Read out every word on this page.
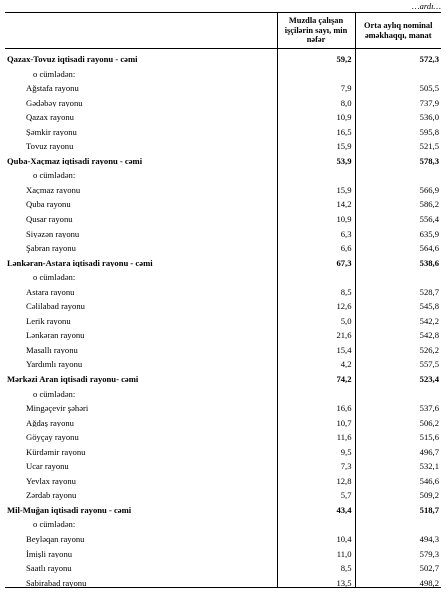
…ardı…
	Muzdla çalışan işçilərin sayı, min nəfər	Orta aylıq nominal əməkhaqqı, manat
Qazax-Tovuz iqtisadi rayonu - cəmi	59,2	572,3
o cümlədən:		
Ağstafa rayonu	7,9	505,5
Gədəbəy rayonu	8,0	737,9
Qazax rayonu	10,9	536,0
Şəmkir rayonu	16,5	595,8
Tovuz rayonu	15,9	521,5
Quba-Xaçmaz iqtisadi rayonu - cəmi	53,9	578,3
o cümlədən:		
Xaçmaz rayonu	15,9	566,9
Quba rayonu	14,2	586,2
Qusar rayonu	10,9	556,4
Siyəzən rayonu	6,3	635,9
Şabran rayonu	6,6	564,6
Lənkəran-Astara iqtisadi rayonu - cəmi	67,3	538,6
o cümlədən:		
Astara rayonu	8,5	528,7
Cəlilabad rayonu	12,6	545,8
Lerik rayonu	5,0	542,2
Lənkəran rayonu	21,6	542,8
Masallı rayonu	15,4	526,2
Yardımlı rayonu	4,2	557,5
Mərkəzi Aran iqtisadi rayonu- cəmi	74,2	523,4
o cümlədən:		
Mingəçevir şəhəri	16,6	537,6
Ağdaş rayonu	10,7	506,2
Göyçay rayonu	11,6	515,6
Kürdəmir rayonu	9,5	496,7
Ucar rayonu	7,3	532,1
Yevlax rayonu	12,8	546,6
Zərdab rayonu	5,7	509,2
Mil-Muğan iqtisadi rayonu - cəmi	43,4	518,7
o cümlədən:		
Beyləqan rayonu	10,4	494,3
İmişli rayonu	11,0	579,3
Saatlı rayonu	8,5	502,7
Sabirabad rayonu	13,5	498,2
